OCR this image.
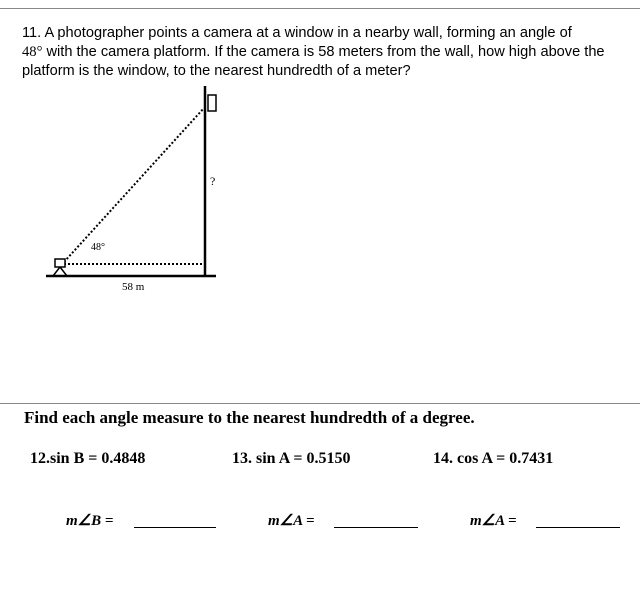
11. A photographer points a camera at a window in a nearby wall, forming an angle of
48° with the camera platform. If the camera is 58 meters from the wall, how high above the platform is the window, to the nearest hundredth of a meter?
?
48°
58 m
Find each angle measure to the nearest hundredth of a degree.
12.sin B = 0.4848	13. sin A = 0.5150	14. cos A = 0.7431
m∠B =	m∠A =	m∠A =
